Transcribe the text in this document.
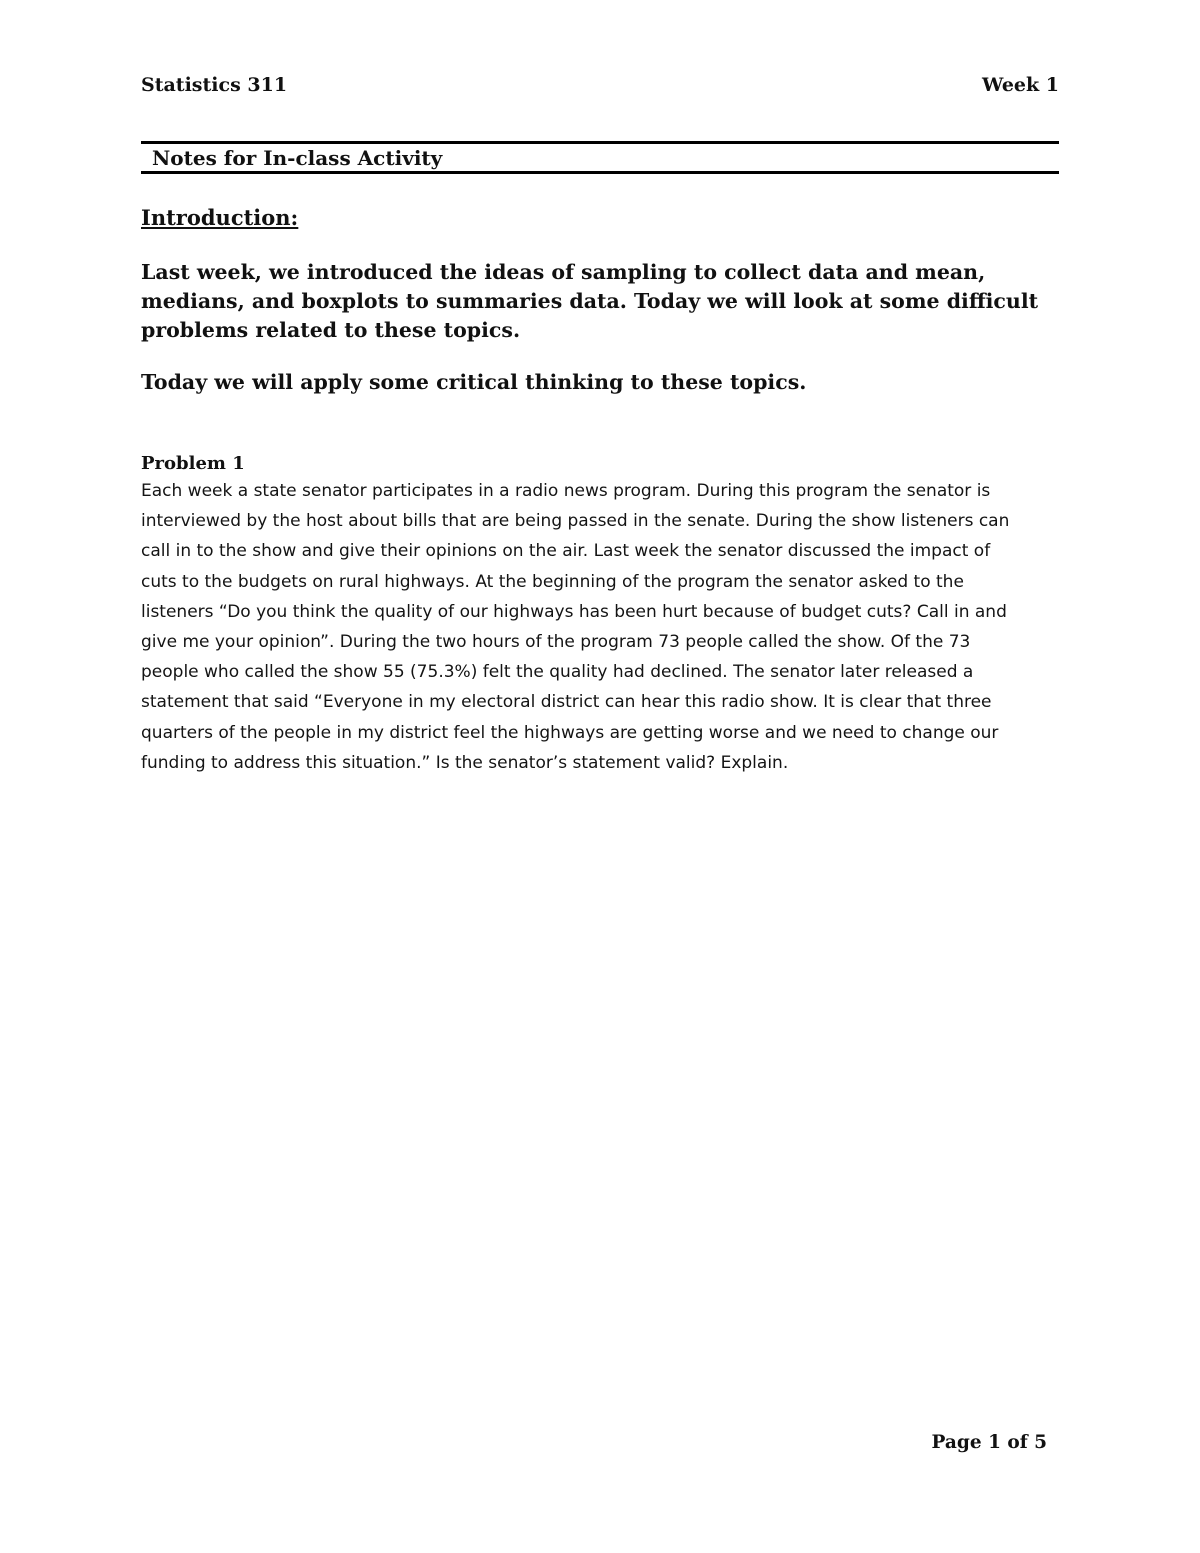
Statistics 311	Week 1
Notes for In-class Activity
Introduction:

Last week, we introduced the ideas of sampling to collect data and mean, medians, and boxplots to summaries data. Today we will look at some difficult problems related to these topics.

Today we will apply some critical thinking to these topics.

Problem 1

Each week a state senator participates in a radio news program. During this program the senator is
interviewed by the host about bills that are being passed in the senate. During the show listeners can
call in to the show and give their opinions on the air. Last week the senator discussed the impact of
cuts to the budgets on rural highways. At the beginning of the program the senator asked to the
listeners “Do you think the quality of our highways has been hurt because of budget cuts? Call in and
give me your opinion”. During the two hours of the program 73 people called the show. Of the 73
people who called the show 55 (75.3%) felt the quality had declined. The senator later released a
statement that said “Everyone in my electoral district can hear this radio show. It is clear that three
quarters of the people in my district feel the highways are getting worse and we need to change our
funding to address this situation.” Is the senator’s statement valid? Explain.

Page 1 of 5
